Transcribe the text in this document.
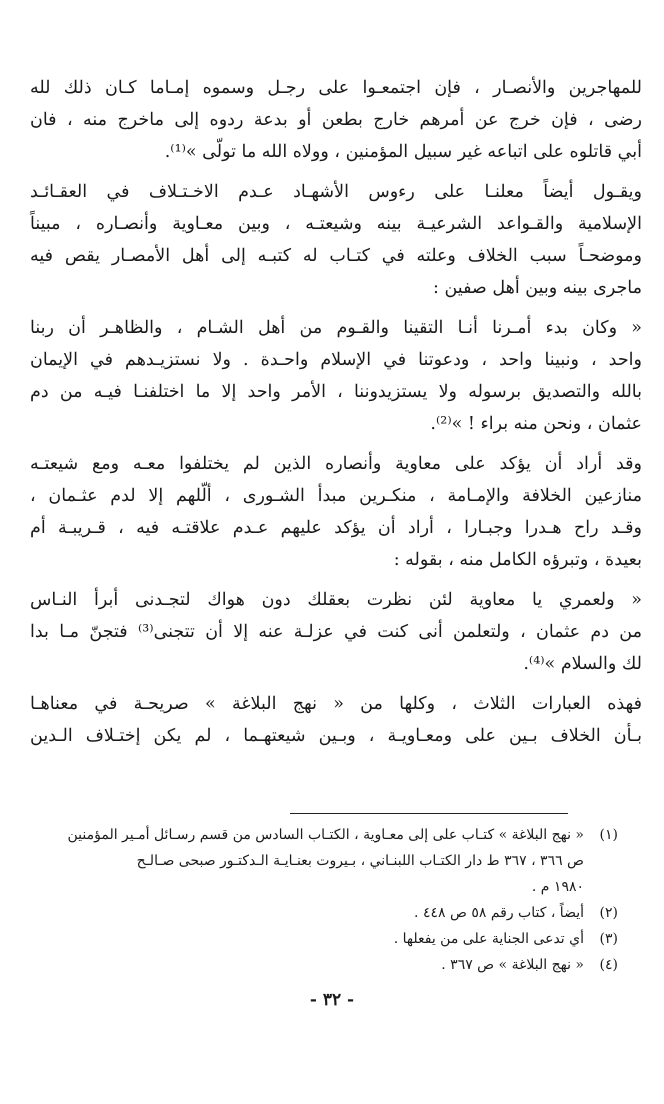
للمهاجرين والأنصـار ، فإن اجتمعـوا على رجـل وسموه إمـاما كـان ذلك لله
رضى ، فإن خرج عن أمرهم خارج بطعن أو بدعة ردوه إلى ماخرج منه ، فان
أبي قاتلوه على اتباعه غير سبيل المؤمنين ، وولاه الله ما تولّى »⁽¹⁾.
ويقـول أيضاً معلنـا على رءوس الأشهـاد عـدم الاخـتـلاف في العقـائـد
الإسلامية والقـواعد الشرعيـة بينه وشيعتـه ، وبين معـاوية وأنصـاره ، مبيناً
وموضحـاً سبب الخلاف وعلته في كتـاب له كتبـه إلى أهل الأمصـار يقص فيه
ماجرى بينه وبين أهل صفين :
« وكان بدء أمـرنا أنـا التقينا والقـوم من أهل الشـام ، والظاهـر أن ربنا
واحد ، ونبينا واحد ، ودعوتنا في الإسلام واحـدة . ولا نستزيـدهم في الإيمان
بالله والتصديق برسوله ولا يستزيدوننا ، الأمر واحد إلا ما اختلفنـا فيـه من دم
عثمان ، ونحن منه براء ! »⁽²⁾.
وقد أراد أن يؤكد على معاوية وأنصاره الذين لم يختلفوا معـه ومع شيعتـه
منازعين الخلافة والإمـامة ، منكـرين مبدأ الشـورى ، ألّلهم إلا لدم عثـمان ،
وقـد راح هـدرا وجبـارا ، أراد أن يؤكد عليهم عـدم علاقتـه فيه ، قـريبـة أم
بعيدة ، وتبرؤه الكامل منه ، بقوله :
« ولعمري يا معاوية لئن نظرت بعقلك دون هواك لتجـدنى أبرأ النـاس
من دم عثمان ، ولتعلمن أنى كنت في عزلـة عنه إلا أن تتجنى⁽³⁾ فتجنّ مـا بدا
لك والسلام »⁽⁴⁾.
فهذه العبارات الثلاث ، وكلها من « نهج البلاغة » صريحـة في معناهـا
بـأن الخلاف بـين على ومعـاويـة ، وبـين شيعتهـما ، لم يكن إختـلاف الـدين
(١)
« نهج البلاغة » كتـاب على إلى معـاوية ، الكتـاب السادس من قسم رسـائل أمـير المؤمنين
ص ٣٦٦ ، ٣٦٧ ط دار الكتـاب اللبنـاني ، بـيروت بعنـايـة الـدكتـور صبحى صـالـح
١٩٨٠ م .
(٢)
أيضاً ، كتاب رقم ٥٨ ص ٤٤٨ .
(٣)
أي تدعى الجناية على من يفعلها .
(٤)
« نهج البلاغة » ص ٣٦٧ .
- ٣٢ -
